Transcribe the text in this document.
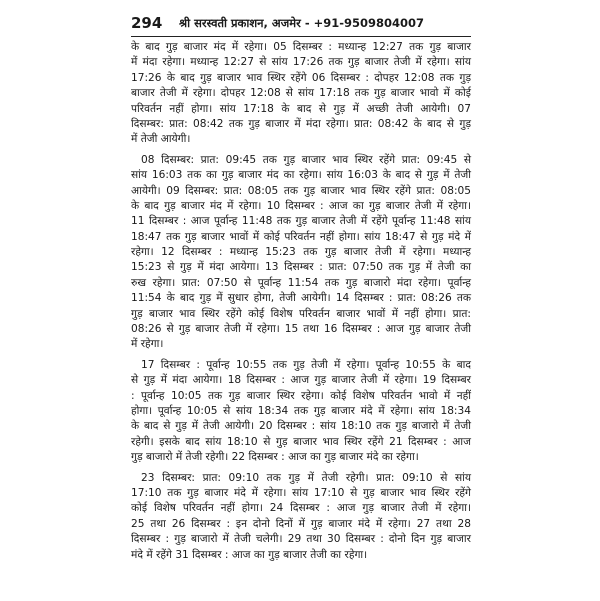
294 श्री सरस्वती प्रकाशन, अजमेर - +91-9509804007
के बाद गुड़ बाजार मंद में रहेगा। 05 दिसम्बर : मध्यान्ह 12:27 तक गुड़ बाजार
में मंदा रहेगा। मध्यान्ह 12:27 से सांय 17:26 तक गुड़ बाजार तेजी में रहेगा। सांय
17:26 के बाद गुड़ बाजार भाव स्थिर रहेंगे 06 दिसम्बर : दोपहर 12:08 तक गुड़
बाजार तेजी में रहेगा। दोपहर 12:08 से सांय 17:18 तक गुड़ बाजार भावो में कोई
परिवर्तन नहीं होगा। सांय 17:18 के बाद से गुड़ में अच्छी तेजी आयेगी। 07
दिसम्बर: प्रात: 08:42 तक गुड़ बाजार में मंदा रहेगा। प्रात: 08:42 के बाद से गुड़
में तेजी आयेगी।
08 दिसम्बर: प्रात: 09:45 तक गुड़ बाजार भाव स्थिर रहेंगे प्रात: 09:45 से
सांय 16:03 तक का गुड़ बाजार मंद का रहेगा। सांय 16:03 के बाद से गुड़ में तेजी
आयेगी। 09 दिसम्बर: प्रात: 08:05 तक गुड़ बाजार भाव स्थिर रहेंगे प्रात: 08:05
के बाद गुड़ बाजार मंद में रहेगा। 10 दिसम्बर : आज का गुड़ बाजार तेजी में रहेगा।
11 दिसम्बर : आज पूर्वान्ह 11:48 तक गुड़ बाजार तेजी में रहेंगे पूर्वान्ह 11:48 सांय
18:47 तक गुड़ बाजार भावों में कोई परिवर्तन नहीं होगा। सांय 18:47 से गुड़ मंदे में
रहेगा। 12 दिसम्बर : मध्यान्ह 15:23 तक गुड़ बाजार तेजी में रहेगा। मध्यान्ह
15:23 से गुड़ में मंदा आयेगा। 13 दिसम्बर : प्रात: 07:50 तक गुड़ में तेजी का
रुख रहेगा। प्रात: 07:50 से पूर्वान्ह 11:54 तक गुड़ बाजारो मंदा रहेगा। पूर्वान्ह
11:54 के बाद गुड़ में सुधार होगा, तेजी आयेगी। 14 दिसम्बर : प्रात: 08:26 तक
गुड़ बाजार भाव स्थिर रहेंगे कोई विशेष परिवर्तन बाजार भावों में नहीं होगा। प्रात:
08:26 से गुड़ बाजार तेजी में रहेगा। 15 तथा 16 दिसम्बर : आज गुड़ बाजार तेजी
में रहेगा।
17 दिसम्बर : पूर्वान्ह 10:55 तक गुड़ तेजी में रहेगा। पूर्वान्ह 10:55 के बाद
से गुड़ में मंदा आयेगा। 18 दिसम्बर : आज गुड़ बाजार तेजी में रहेगा। 19 दिसम्बर
: पूर्वान्ह 10:05 तक गुड़ बाजार स्थिर रहेगा। कोई विशेष परिवर्तन भावो में नहीं
होगा। पूर्वान्ह 10:05 से सांय 18:34 तक गुड़ बाजार मंदे में रहेगा। सांय 18:34
के बाद से गुड़ में तेजी आयेगी। 20 दिसम्बर : सांय 18:10 तक गुड़ बाजारो में तेजी
रहेगी। इसके बाद सांय 18:10 से गुड़ बाजार भाव स्थिर रहेंगे 21 दिसम्बर : आज
गुड़ बाजारो में तेजी रहेगी। 22 दिसम्बर : आज का गुड़ बाजार मंदे का रहेगा।
23 दिसम्बर: प्रात: 09:10 तक गुड़ में तेजी रहेगी। प्रात: 09:10 से सांय
17:10 तक गुड़ बाजार मंदे में रहेगा। सांय 17:10 से गुड़ बाजार भाव स्थिर रहेंगे
कोई विशेष परिवर्तन नहीं होगा। 24 दिसम्बर : आज गुड़ बाजार तेजी में रहेगा।
25 तथा 26 दिसम्बर : इन दोनो दिनों में गुड़ बाजार मंदे में रहेगा। 27 तथा 28
दिसम्बर : गुड़ बाजारो में तेजी चलेगी। 29 तथा 30 दिसम्बर : दोनो दिन गुड़ बाजार
मंदे में रहेंगे 31 दिसम्बर : आज का गुड़ बाजार तेजी का रहेगा।
